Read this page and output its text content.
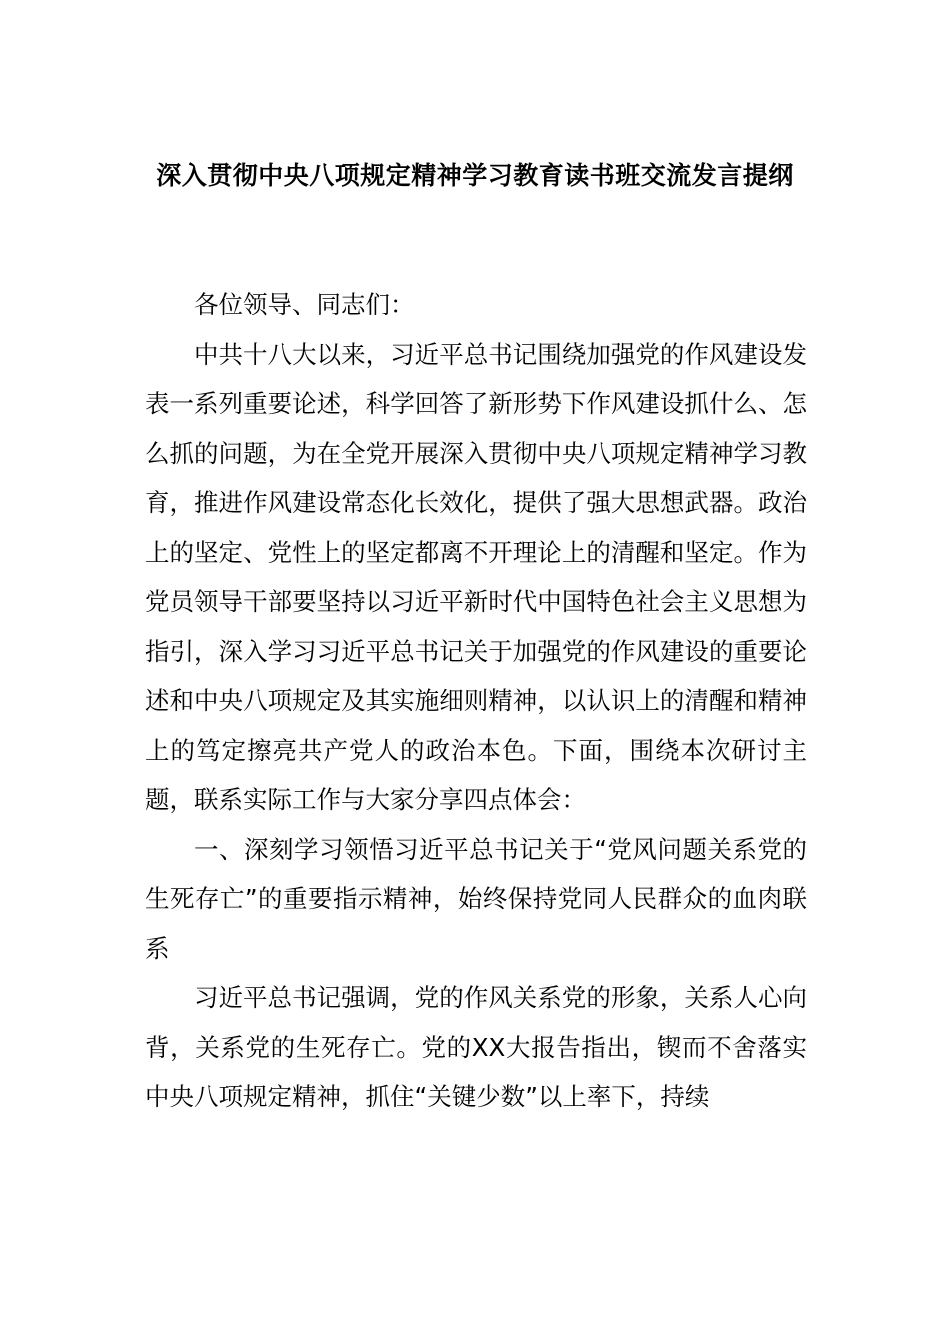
深入贯彻中央八项规定精神学习教育读书班交流发言提纲

各位领导、同志们：

中共十八大以来，习近平总书记围绕加强党的作风建设发表一系列重要论述，科学回答了新形势下作风建设抓什么、怎么抓的问题，为在全党开展深入贯彻中央八项规定精神学习教育，推进作风建设常态化长效化，提供了强大思想武器。政治上的坚定、党性上的坚定都离不开理论上的清醒和坚定。作为党员领导干部要坚持以习近平新时代中国特色社会主义思想为指引，深入学习习近平总书记关于加强党的作风建设的重要论述和中央八项规定及其实施细则精神，以认识上的清醒和精神上的笃定擦亮共产党人的政治本色。下面，围绕本次研讨主题，联系实际工作与大家分享四点体会：

一、深刻学习领悟习近平总书记关于“党风问题关系党的生死存亡”的重要指示精神，始终保持党同人民群众的血肉联系

习近平总书记强调，党的作风关系党的形象，关系人心向背，关系党的生死存亡。党的XX大报告指出，锲而不舍落实中央八项规定精神，抓住“关键少数”以上率下，持续
